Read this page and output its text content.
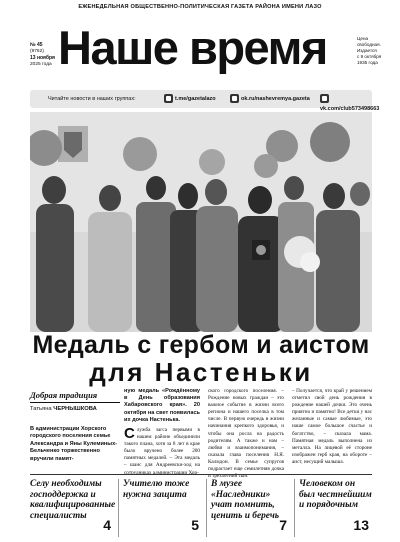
ЕЖЕНЕДЕЛЬНАЯ ОБЩЕСТВЕННО-ПОЛИТИЧЕСКАЯ ГАЗЕТА РАЙОНА ИМЕНИ ЛАЗО
№ 45
(9762)
13 ноября
2025 года Наше время	Цена
свободная.
Издается
с 9 октября
1935 года
Читайте новости в наших группах:	t.me/gazetalazo	ok.ru/nashevremya.gazeta
vk.com/club573498663
Медаль с гербом и аистом
для Настеньки
Добрая традиция
Татьяна ЧЕРНЫШКОВА
В администрации Хорского городского поселения семье Александра и Яны Кулеминых-Бельченко торжественно вручили памят-
ную медаль «Рождённому в День образования Хабаровского края». 20 октября на свет появилась их дочка Настенька.
С лужба загса первыми в нашем районе объединили такого плана, хотя за 8 лет в крае было вручено более 200 памятных медалей. – Эта медаль – шанс для Андреевски-ход на сотрудниках администрации Хор-
ского городского поселения. – Рождение новых граждан – это важное событие в жизни всего региона и нашего поселка в том числе. В первую очередь в жизни начинания крепкого здоровья, и чтобы она росла на радость родителям. А также и нам – любви и взаимопонимания, – сказала глава поселения Н.Я. Калмдон. В семье супругов подрастает еще семилетняя дочка и трехлетний сын.
– Получается, что край у решением отметил свой день рождения в рождение нашей дочки. Это очень приятно и памятно! Все детки у нас желанные и самые любимые, это наше самое большое счастье и богатство, – сказала мама. Памятная медаль выполнена из металла. На лицевой её стороне изображен герб края, на обороте – аист, несущий малыша.
Селу необходимы господдержка и квалифицированные специалисты
4
Учителю тоже нужна защита
5
В музее «Наследники» учат помнить, ценить и беречь
7
Человеком он был честнейшим и порядочным
13
